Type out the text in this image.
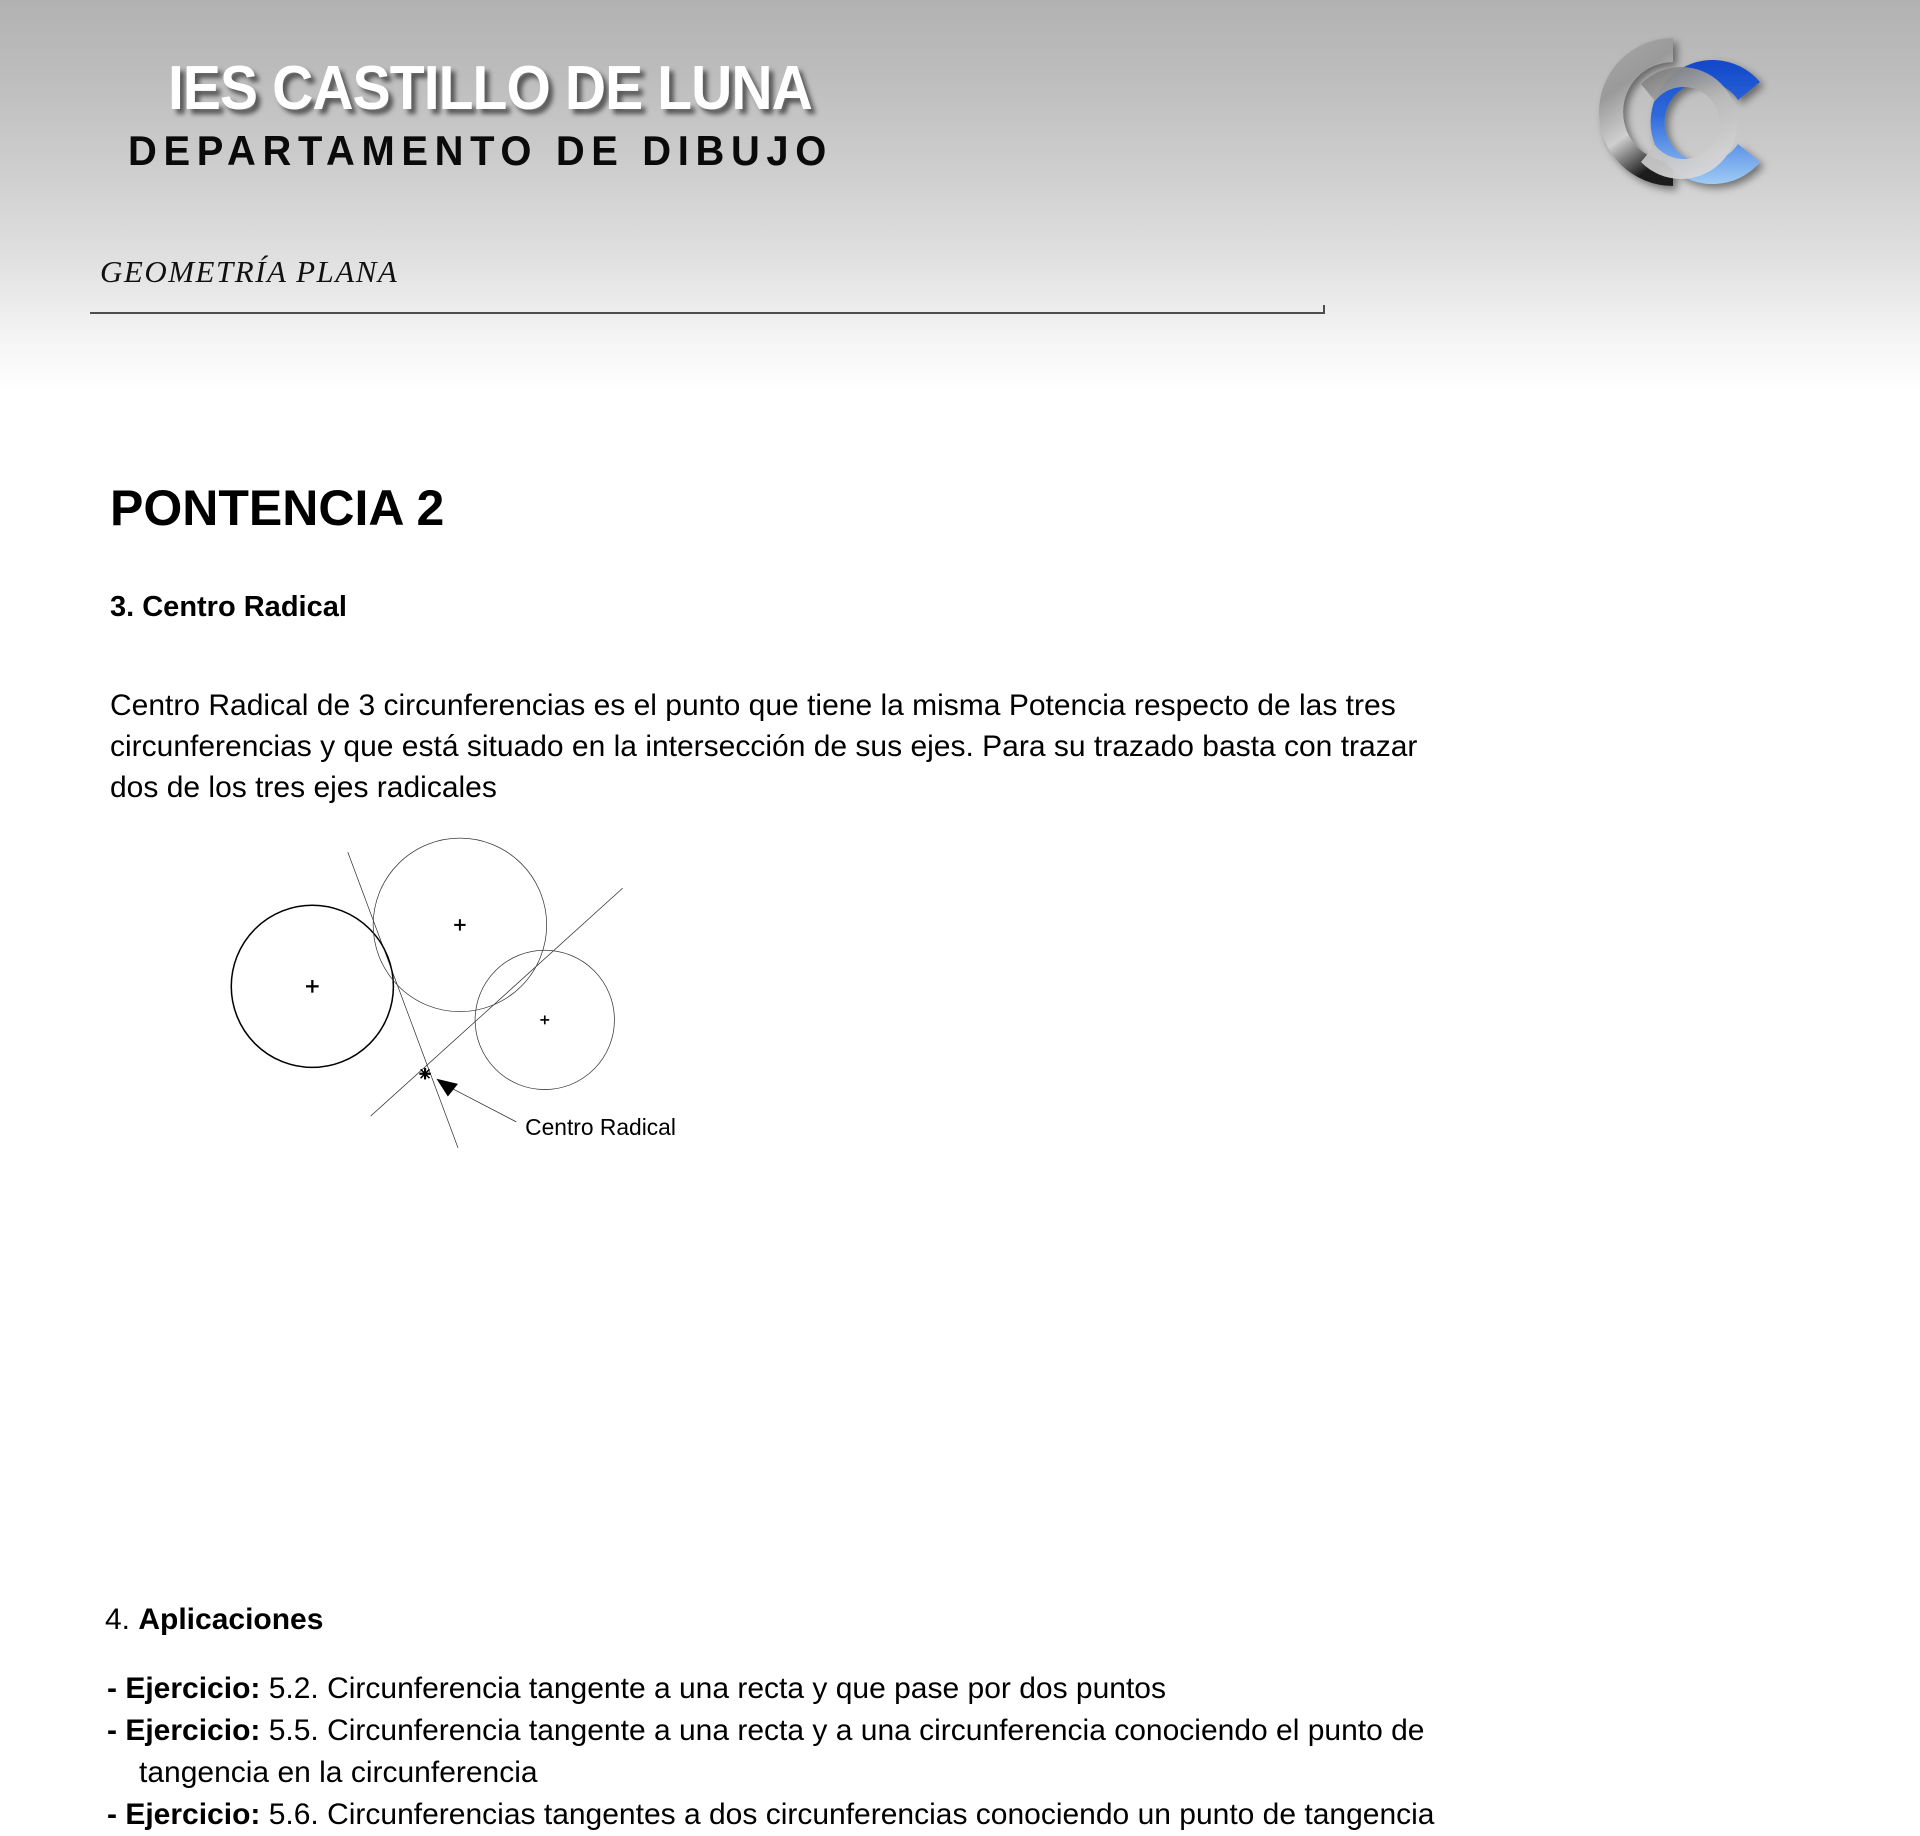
IES CASTILLO DE LUNA
DEPARTAMENTO DE DIBUJO
GEOMETRÍA PLANA
PONTENCIA 2
3. Centro Radical

Centro Radical de 3 circunferencias es el punto que tiene la misma Potencia respecto de las tres circunferencias y que está situado en la intersección de sus ejes. Para su trazado basta con trazar dos de los tres ejes radicales

Centro Radical
4. Aplicaciones
- Ejercicio: 5.2. Circunferencia tangente a una recta y que pase por dos puntos
- Ejercicio: 5.5. Circunferencia tangente a una recta y a una circunferencia conociendo el punto de
tangencia en la circunferencia
- Ejercicio: 5.6. Circunferencias tangentes a dos circunferencias conociendo un punto de tangencia
